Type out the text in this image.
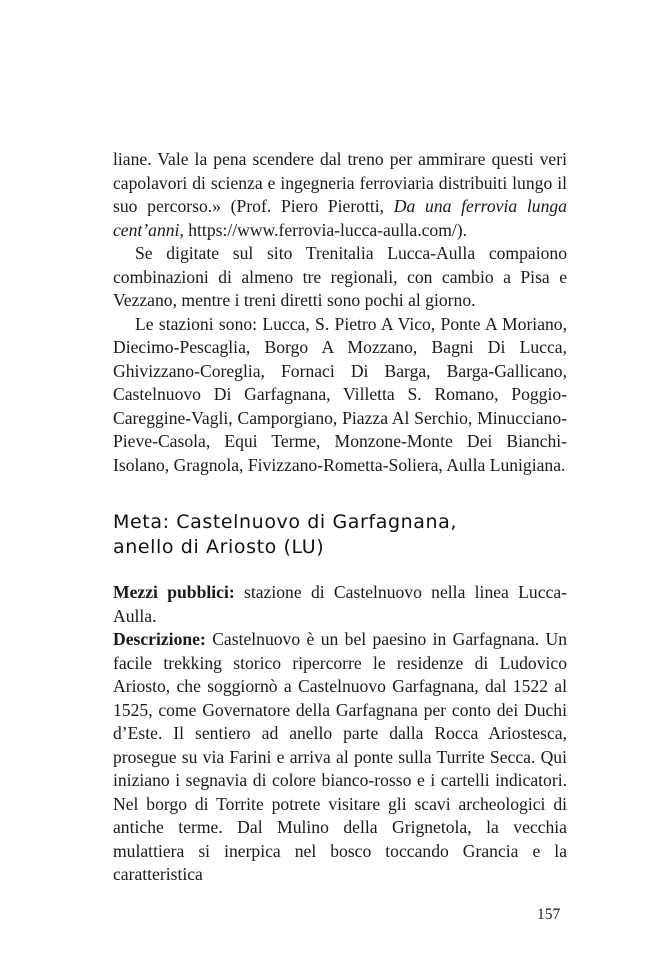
liane. Vale la pena scendere dal treno per ammirare questi veri capolavori di scienza e ingegneria ferroviaria distribuiti lungo il suo percorso.» (Prof. Piero Pierotti, Da una ferrovia lunga cent’anni, https://www.ferrovia-lucca-aulla.com/).

Se digitate sul sito Trenitalia Lucca-Aulla compaiono combinazioni di almeno tre regionali, con cambio a Pisa e Vezzano, mentre i treni diretti sono pochi al giorno.

Le stazioni sono: Lucca, S. Pietro A Vico, Ponte A Moriano, Diecimo-Pescaglia, Borgo A Mozzano, Bagni Di Lucca, Ghivizzano-Coreglia, Fornaci Di Barga, Barga-Gallicano, Castelnuovo Di Garfagnana, Villetta S. Romano, Poggio-Careggine-Vagli, Camporgiano, Piazza Al Serchio, Minucciano-Pieve-Casola, Equi Terme, Monzone-Monte Dei Bianchi-Isolano, Gragnola, Fivizzano-Rometta-Soliera, Aulla Lunigiana.

Meta: Castelnuovo di Garfagnana,
anello di Ariosto (LU)

Mezzi pubblici: stazione di Castelnuovo nella linea Lucca-Aulla.

Descrizione: Castelnuovo è un bel paesino in Garfagnana. Un facile trekking storico ripercorre le residenze di Ludovico Ariosto, che soggiornò a Castelnuovo Garfagnana, dal 1522 al 1525, come Governatore della Garfagnana per conto dei Duchi d’Este. Il sentiero ad anello parte dalla Rocca Ariostesca, prosegue su via Farini e arriva al ponte sulla Turrite Secca. Qui iniziano i segnavia di colore bianco-rosso e i cartelli indicatori. Nel borgo di Torrite potrete visitare gli scavi archeologici di antiche terme. Dal Mulino della Grignetola, la vecchia mulattiera si inerpica nel bosco toccando Grancia e la caratteristica

157
